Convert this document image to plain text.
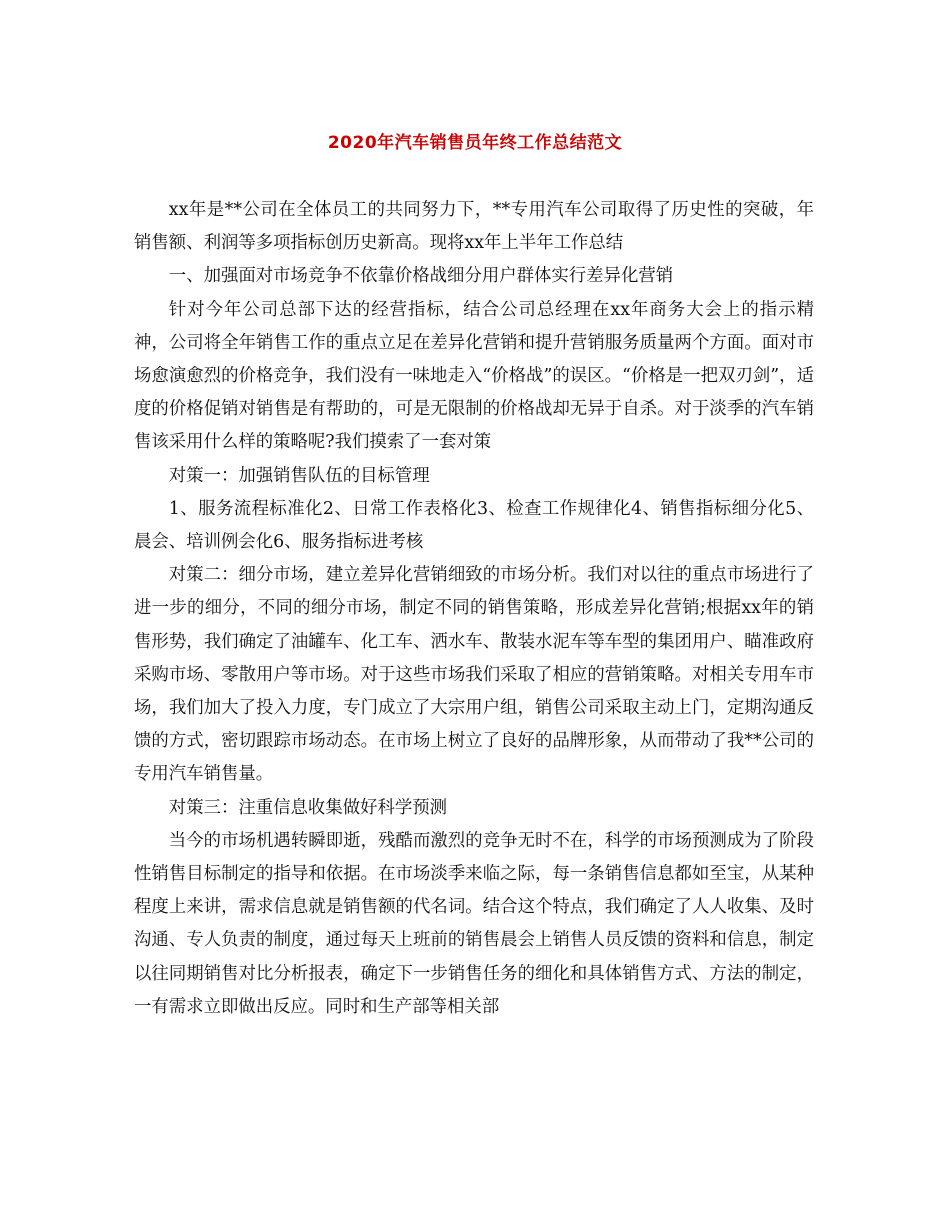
2020年汽车销售员年终工作总结范文

xx年是**公司在全体员工的共同努力下，**专用汽车公司取得了历史性的突破，年销售额、利润等多项指标创历史新高。现将xx年上半年工作总结

一、加强面对市场竞争不依靠价格战细分用户群体实行差异化营销

针对今年公司总部下达的经营指标，结合公司总经理在xx年商务大会上的指示精神，公司将全年销售工作的重点立足在差异化营销和提升营销服务质量两个方面。面对市场愈演愈烈的价格竞争，我们没有一味地走入“价格战”的误区。“价格是一把双刃剑”，适度的价格促销对销售是有帮助的，可是无限制的价格战却无异于自杀。对于淡季的汽车销售该采用什么样的策略呢?我们摸索了一套对策

对策一：加强销售队伍的目标管理

1、服务流程标准化2、日常工作表格化3、检查工作规律化4、销售指标细分化5、晨会、培训例会化6、服务指标进考核

对策二：细分市场，建立差异化营销细致的市场分析。我们对以往的重点市场进行了进一步的细分，不同的细分市场，制定不同的销售策略，形成差异化营销;根据xx年的销售形势，我们确定了油罐车、化工车、洒水车、散装水泥车等车型的集团用户、瞄准政府采购市场、零散用户等市场。对于这些市场我们采取了相应的营销策略。对相关专用车市场，我们加大了投入力度，专门成立了大宗用户组，销售公司采取主动上门，定期沟通反馈的方式，密切跟踪市场动态。在市场上树立了良好的品牌形象，从而带动了我**公司的专用汽车销售量。

对策三：注重信息收集做好科学预测

当今的市场机遇转瞬即逝，残酷而激烈的竞争无时不在，科学的市场预测成为了阶段性销售目标制定的指导和依据。在市场淡季来临之际，每一条销售信息都如至宝，从某种程度上来讲，需求信息就是销售额的代名词。结合这个特点，我们确定了人人收集、及时沟通、专人负责的制度，通过每天上班前的销售晨会上销售人员反馈的资料和信息，制定以往同期销售对比分析报表，确定下一步销售任务的细化和具体销售方式、方法的制定，一有需求立即做出反应。同时和生产部等相关部
